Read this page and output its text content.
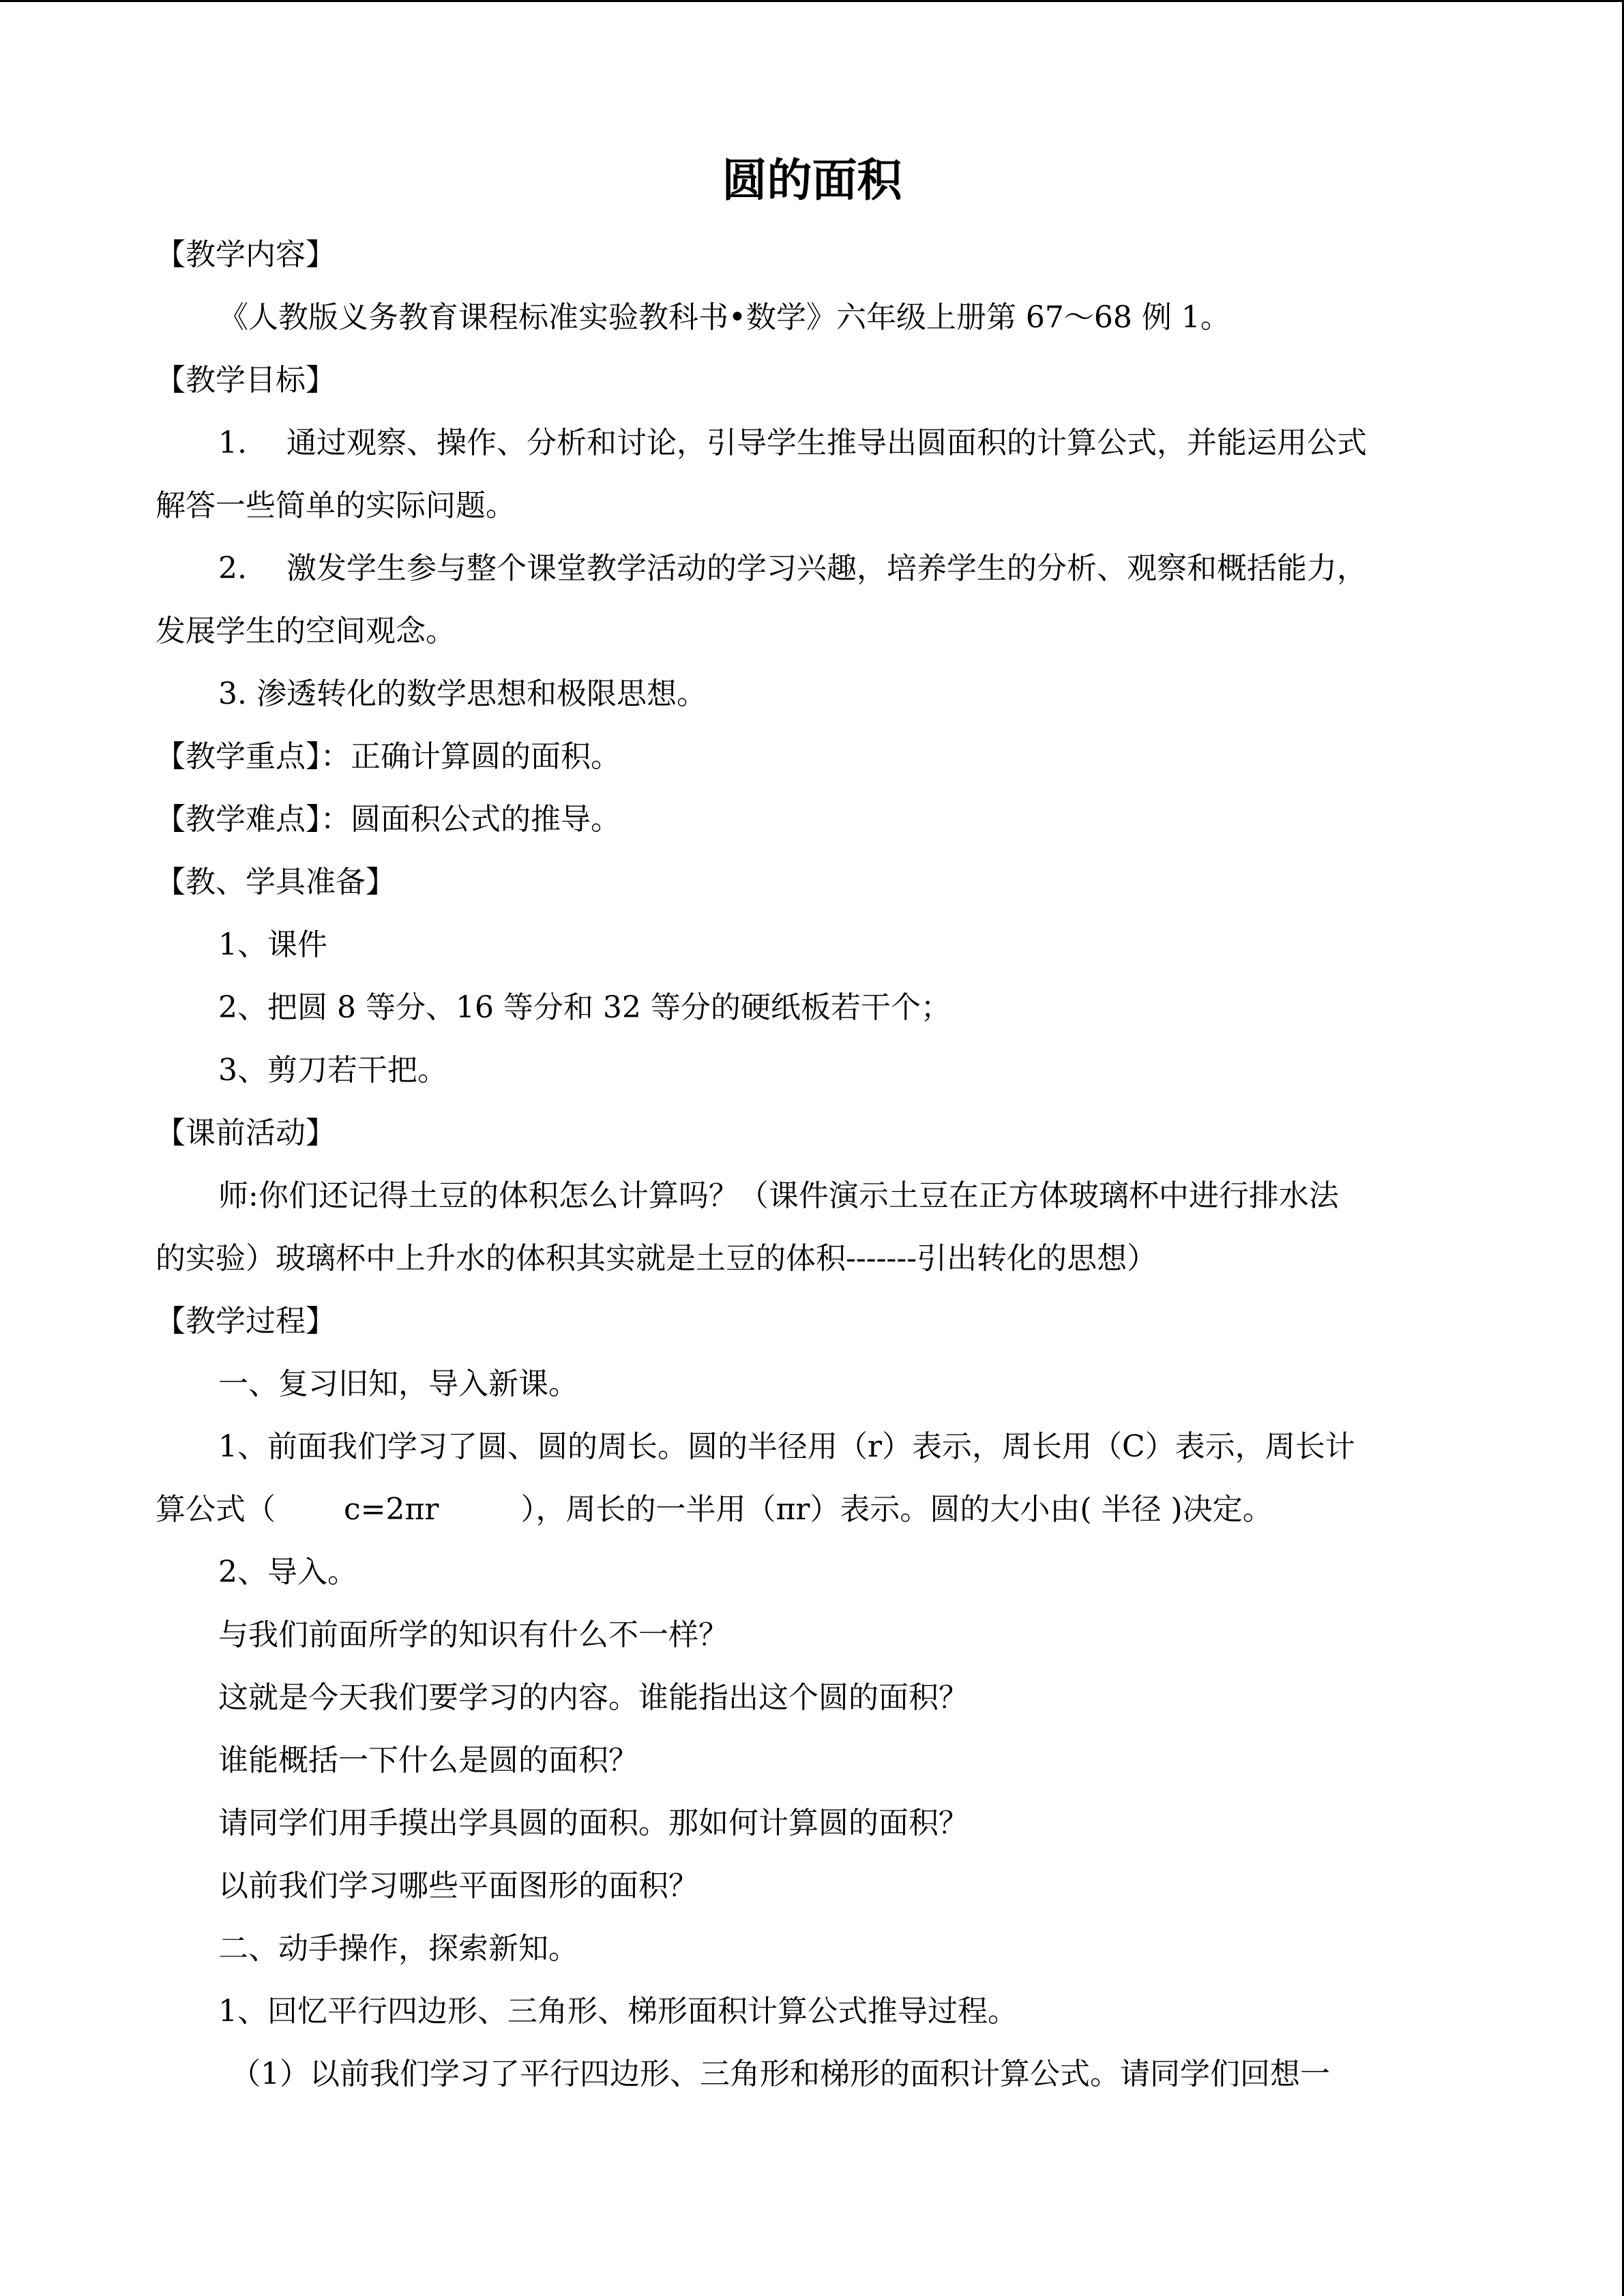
圆的面积
【教学内容】
《人教版义务教育课程标准实验教科书•数学》六年级上册第 67～68 例 1。
【教学目标】
1.　 通过观察、操作、分析和讨论，引导学生推导出圆面积的计算公式，并能运用公式
解答一些简单的实际问题。
2.　 激发学生参与整个课堂教学活动的学习兴趣，培养学生的分析、观察和概括能力，
发展学生的空间观念。
3. 渗透转化的数学思想和极限思想。
【教学重点】：正确计算圆的面积。
【教学难点】：圆面积公式的推导。
【教、学具准备】
1、课件
2、把圆 8 等分、16 等分和 32 等分的硬纸板若干个；
3、剪刀若干把。
【课前活动】
师:你们还记得土豆的体积怎么计算吗？（课件演示土豆在正方体玻璃杯中进行排水法
的实验）玻璃杯中上升水的体积其实就是土豆的体积-------引出转化的思想）
【教学过程】
一、复习旧知，导入新课。
1、前面我们学习了圆、圆的周长。圆的半径用（r）表示，周长用（C）表示，周长计
算公式（ c=2πr	），周长的一半用（πr）表示。圆的大小由( 半径 )决定。
2、导入。
与我们前面所学的知识有什么不一样？
这就是今天我们要学习的内容。谁能指出这个圆的面积？
谁能概括一下什么是圆的面积？
请同学们用手摸出学具圆的面积。那如何计算圆的面积？
以前我们学习哪些平面图形的面积？
二、动手操作，探索新知。
1、回忆平行四边形、三角形、梯形面积计算公式推导过程。
（1）以前我们学习了平行四边形、三角形和梯形的面积计算公式。请同学们回想一
